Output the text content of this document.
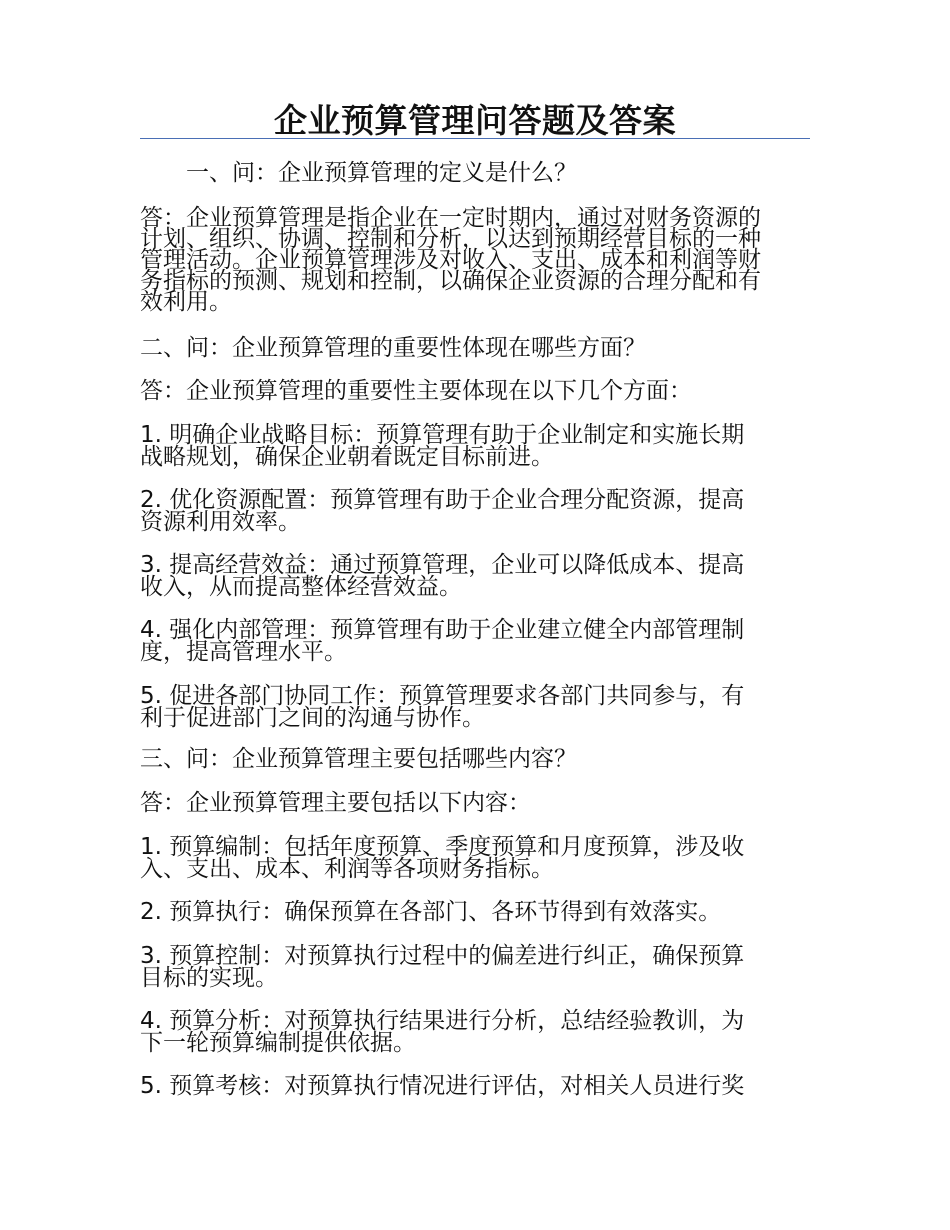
企业预算管理问答题及答案
一、问：企业预算管理的定义是什么？
答：企业预算管理是指企业在一定时期内，通过对财务资源的
计划、组织、协调、控制和分析，以达到预期经营目标的一种
管理活动。企业预算管理涉及对收入、支出、成本和利润等财
务指标的预测、规划和控制，以确保企业资源的合理分配和有
效利用。
二、问：企业预算管理的重要性体现在哪些方面？
答：企业预算管理的重要性主要体现在以下几个方面：
1. 明确企业战略目标：预算管理有助于企业制定和实施长期
战略规划，确保企业朝着既定目标前进。
2. 优化资源配置：预算管理有助于企业合理分配资源，提高
资源利用效率。
3. 提高经营效益：通过预算管理，企业可以降低成本、提高
收入，从而提高整体经营效益。
4. 强化内部管理：预算管理有助于企业建立健全内部管理制
度，提高管理水平。
5. 促进各部门协同工作：预算管理要求各部门共同参与，有
利于促进部门之间的沟通与协作。
三、问：企业预算管理主要包括哪些内容？
答：企业预算管理主要包括以下内容：
1. 预算编制：包括年度预算、季度预算和月度预算，涉及收
入、支出、成本、利润等各项财务指标。
2. 预算执行：确保预算在各部门、各环节得到有效落实。
3. 预算控制：对预算执行过程中的偏差进行纠正，确保预算
目标的实现。
4. 预算分析：对预算执行结果进行分析，总结经验教训，为
下一轮预算编制提供依据。
5. 预算考核：对预算执行情况进行评估，对相关人员进行奖
